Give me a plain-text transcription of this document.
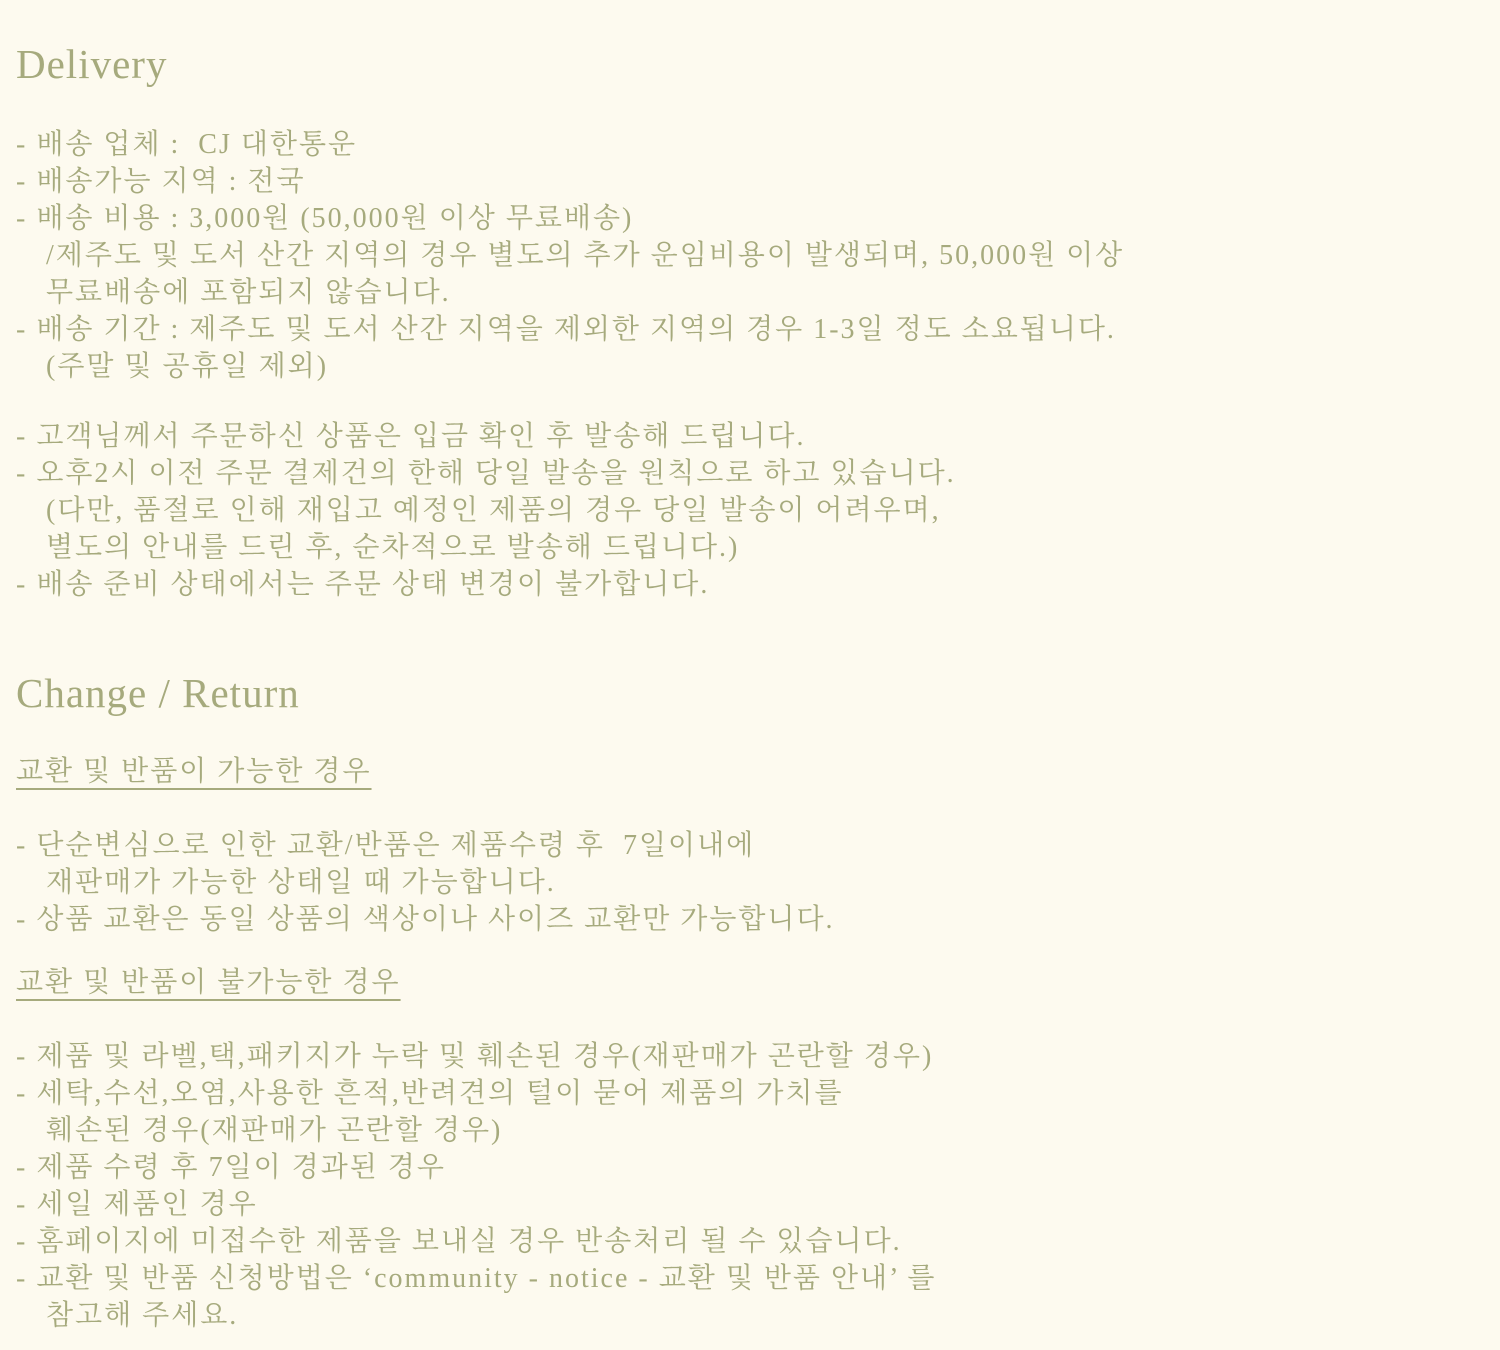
Delivery
- 배송 업체 :  CJ 대한통운
- 배송가능 지역 : 전국
- 배송 비용 : 3,000원 (50,000원 이상 무료배송)
/제주도 및 도서 산간 지역의 경우 별도의 추가 운임비용이 발생되며, 50,000원 이상
무료배송에 포함되지 않습니다.
- 배송 기간 : 제주도 및 도서 산간 지역을 제외한 지역의 경우 1-3일 정도 소요됩니다.
(주말 및 공휴일 제외)
- 고객님께서 주문하신 상품은 입금 확인 후 발송해 드립니다.
- 오후2시 이전 주문 결제건의 한해 당일 발송을 원칙으로 하고 있습니다.
(다만, 품절로 인해 재입고 예정인 제품의 경우 당일 발송이 어려우며,
별도의 안내를 드린 후, 순차적으로 발송해 드립니다.)
- 배송 준비 상태에서는 주문 상태 변경이 불가합니다.
Change / Return
교환 및 반품이 가능한 경우
- 단순변심으로 인한 교환/반품은 제품수령 후  7일이내에
재판매가 가능한 상태일 때 가능합니다.
- 상품 교환은 동일 상품의 색상이나 사이즈 교환만 가능합니다.
교환 및 반품이 불가능한 경우
- 제품 및 라벨,택,패키지가 누락 및 훼손된 경우(재판매가 곤란할 경우)
- 세탁,수선,오염,사용한 흔적,반려견의 털이 묻어 제품의 가치를
훼손된 경우(재판매가 곤란할 경우)
- 제품 수령 후 7일이 경과된 경우
- 세일 제품인 경우
- 홈페이지에 미접수한 제품을 보내실 경우 반송처리 될 수 있습니다.
- 교환 및 반품 신청방법은 ‘community - notice - 교환 및 반품 안내’ 를
참고해 주세요.
